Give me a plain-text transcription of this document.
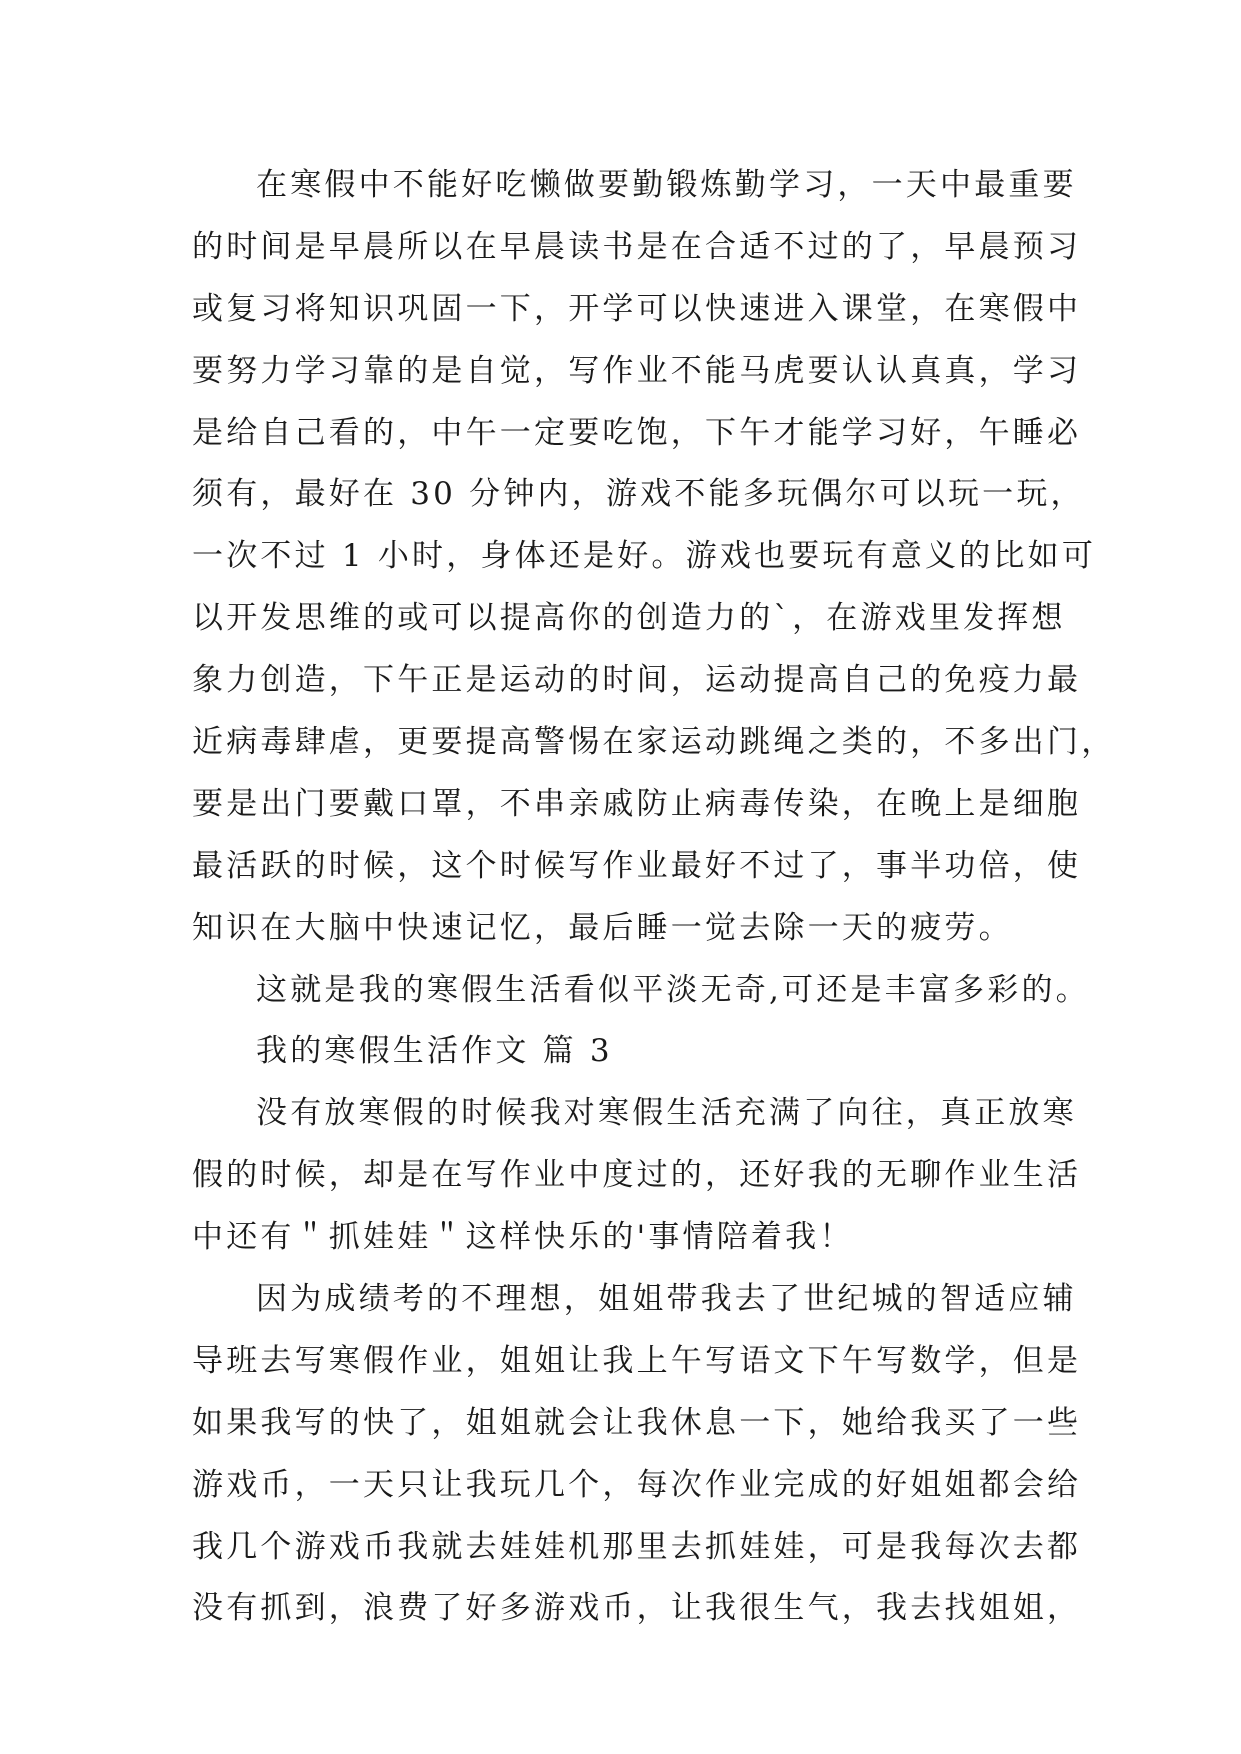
在寒假中不能好吃懒做要勤锻炼勤学习，一天中最重要
的时间是早晨所以在早晨读书是在合适不过的了，早晨预习
或复习将知识巩固一下，开学可以快速进入课堂，在寒假中
要努力学习靠的是自觉，写作业不能马虎要认认真真，学习
是给自己看的，中午一定要吃饱，下午才能学习好，午睡必
须有，最好在 30 分钟内，游戏不能多玩偶尔可以玩一玩，
一次不过 1 小时，身体还是好。游戏也要玩有意义的比如可
以开发思维的或可以提高你的创造力的`，在游戏里发挥想
象力创造，下午正是运动的时间，运动提高自己的免疫力最
近病毒肆虐，更要提高警惕在家运动跳绳之类的，不多出门，
要是出门要戴口罩，不串亲戚防止病毒传染，在晚上是细胞
最活跃的时候，这个时候写作业最好不过了，事半功倍，使
知识在大脑中快速记忆，最后睡一觉去除一天的疲劳。
这就是我的寒假生活看似平淡无奇,可还是丰富多彩的。
我的寒假生活作文 篇 3
没有放寒假的时候我对寒假生活充满了向往，真正放寒
假的时候，却是在写作业中度过的，还好我的无聊作业生活
中还有＂抓娃娃＂这样快乐的'事情陪着我！
因为成绩考的不理想，姐姐带我去了世纪城的智适应辅
导班去写寒假作业，姐姐让我上午写语文下午写数学，但是
如果我写的快了，姐姐就会让我休息一下，她给我买了一些
游戏币，一天只让我玩几个，每次作业完成的好姐姐都会给
我几个游戏币我就去娃娃机那里去抓娃娃，可是我每次去都
没有抓到，浪费了好多游戏币，让我很生气，我去找姐姐，
